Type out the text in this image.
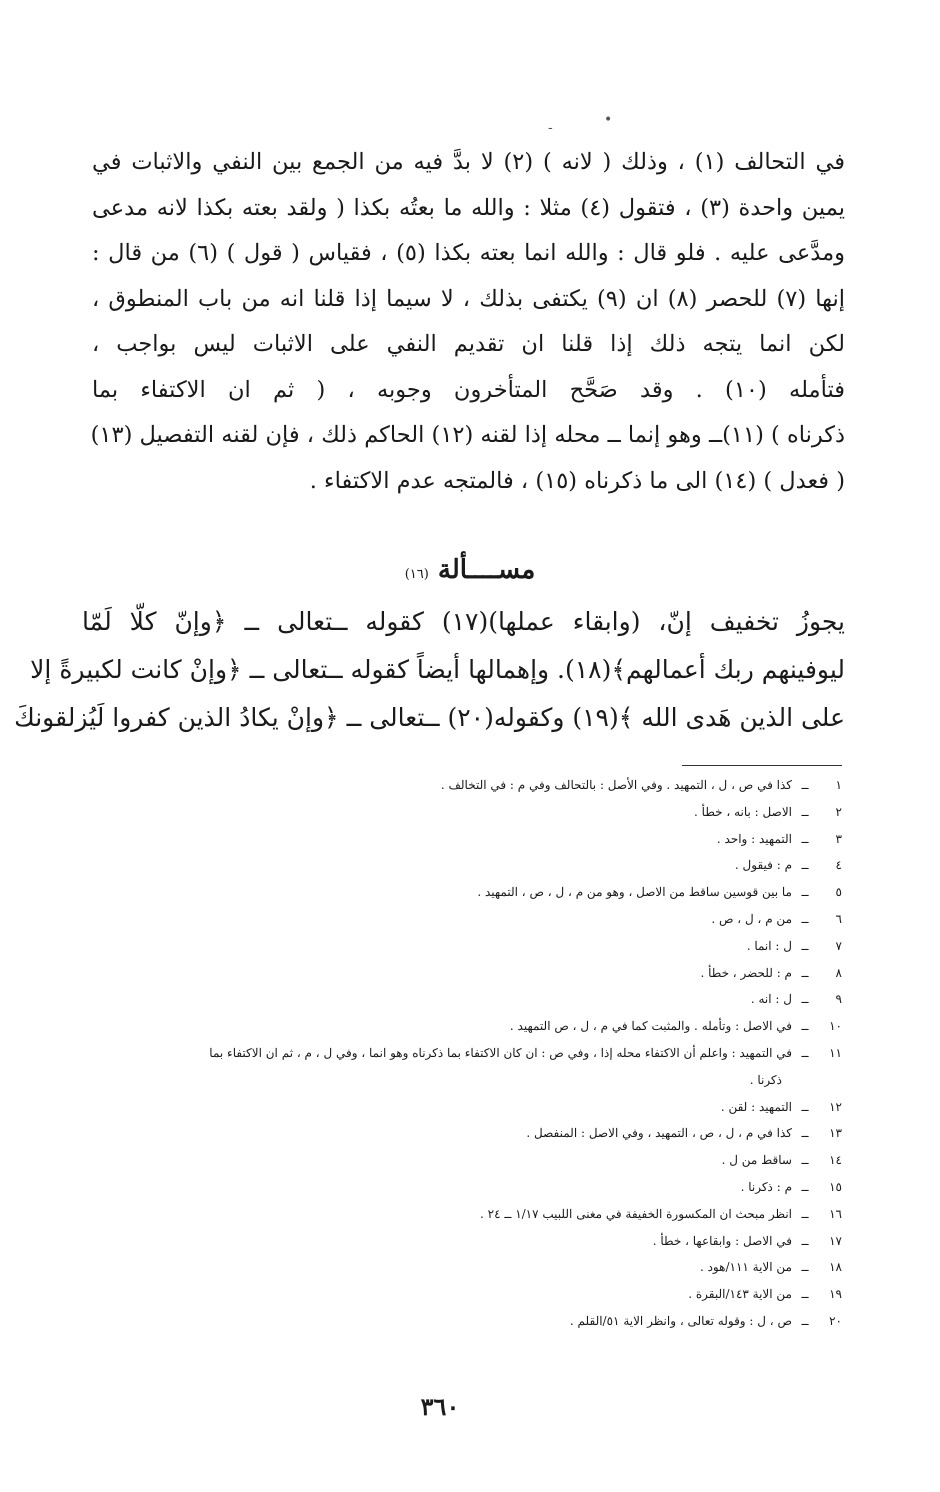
•
-
في التحالف (١) ، وذلك ( لانه ) (٢) لا بدَّ فيه من الجمع بين النفي والاثبات في
يمين واحدة (٣) ، فتقول (٤) مثلا : والله ما بعتُه بكذا ( ولقد بعته بكذا لانه مدعى
ومدَّعى عليه . فلو قال : والله انما بعته بكذا (٥) ، فقياس ( قول ) (٦) من قال :
إنها (٧) للحصر (٨) ان (٩) يكتفى بذلك ، لا سيما إذا قلنا انه من باب المنطوق ،
لكن انما يتجه ذلك إذا قلنا ان تقديم النفي على الاثبات ليس بواجب ،
فتأمله (١٠) . وقد صَحَّح المتأخرون وجوبه ، ( ثم ان الاكتفاء بما
ذكرناه ) (١١)ــ وهو إنما ــ محله إذا لقنه (١٢) الحاكم ذلك ، فإن لقنه التفصيل (١٣)
( فعدل ) (١٤) الى ما ذكرناه (١٥) ، فالمتجه عدم الاكتفاء .
مســــألة (١٦)
يجوزُ تخفيف إنّ، (وابقاء عملها)(١٧) كقوله ــتعالى ــ ﴿وإنّ كلّا لَمّا
ليوفينهم ربك أعمالهم﴾(١٨). وإهمالها أيضاً كقوله ــتعالى ــ ﴿وإنْ كانت لكبيرةً إلا
على الذين هَدى الله ﴾(١٩) وكقوله(٢٠) ــتعالى ــ ﴿وإنْ يكادُ الذين كفروا لَيُزلقونكَ
١
ــ
كذا في ص ، ل ، التمهيد . وفي الأصل : بالتحالف وفي م : في التخالف .
٢
ــ
الاصل : بانه ، خطأ .
٣
ــ
التمهيد : واحد .
٤
ــ
م : فيقول .
٥
ــ
ما بين قوسين ساقط من الاصل ، وهو من م ، ل ، ص ، التمهيد .
٦
ــ
من م ، ل ، ص .
٧
ــ
ل : انما .
٨
ــ
م : للحضر ، خطأ .
٩
ــ
ل : انه .
١٠
ــ
في الاصل : وتأمله . والمثبت كما في م ، ل ، ص التمهيد .
١١
ــ
في التمهيد : واعلم أن الاكتفاء محله إذا ، وفي ص : ان كان الاكتفاء بما ذكرناه وهو انما ، وفي ل ، م ، ثم ان الاكتفاء بما
ذكرنا .
١٢
ــ
التمهيد : لقن .
١٣
ــ
كذا في م ، ل ، ص ، التمهيد ، وفي الاصل : المنفصل .
١٤
ــ
ساقط من ل .
١٥
ــ
م : ذكرنا .
١٦
ــ
انظر مبحث ان المكسورة الخفيفة في مغنى اللبيب ١/١٧ ــ ٢٤ .
١٧
ــ
في الاصل : وابقاعها ، خطأ .
١٨
ــ
من الاية ١١١/هود .
١٩
ــ
من الاية ١٤٣/البقرة .
٢٠
ــ
ص ، ل : وقوله تعالى ، وانظر الاية ٥١/القلم .
٣٦٠
